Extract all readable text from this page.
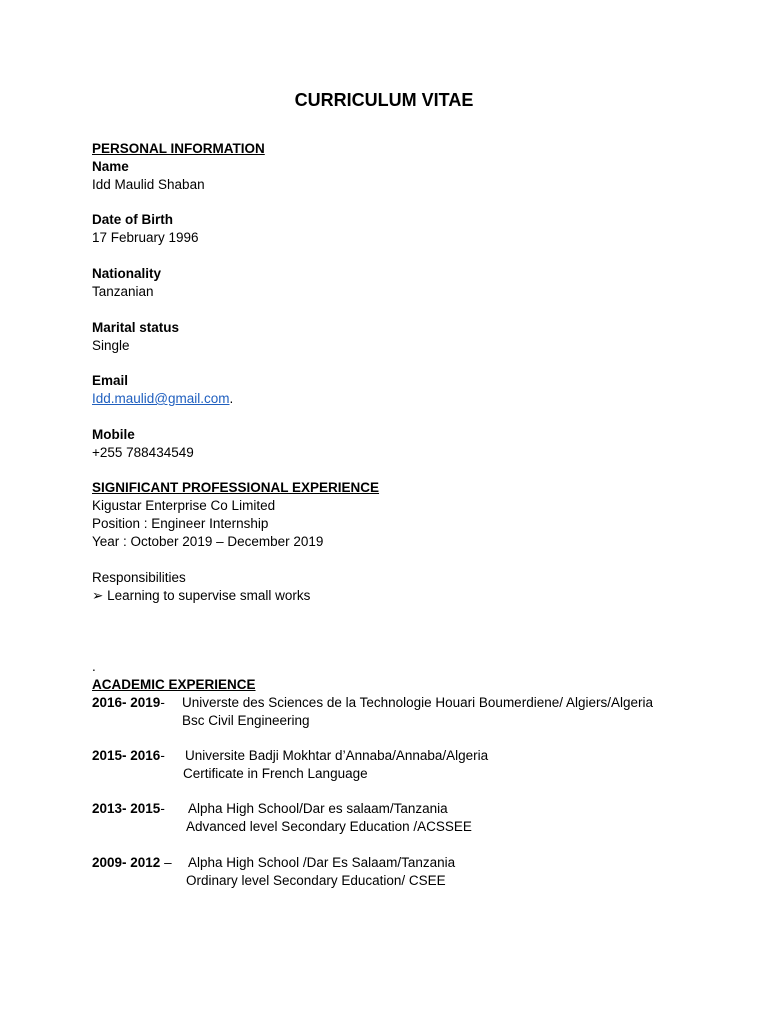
CURRICULUM VITAE
PERSONAL INFORMATION
Name
Idd Maulid Shaban
Date of Birth
17 February 1996
Nationality
Tanzanian
Marital status
Single
Email
Idd.maulid@gmail.com.
Mobile
+255 788434549
SIGNIFICANT PROFESSIONAL EXPERIENCE
Kigustar Enterprise Co Limited
Position : Engineer Internship
Year : October 2019 – December 2019
Responsibilities
➢ Learning to supervise small works
.
ACADEMIC EXPERIENCE
2016- 2019- Universte des Sciences de la Technologie Houari Boumerdiene/ Algiers/Algeria
Bsc Civil Engineering
2015- 2016- Universite Badji Mokhtar d’Annaba/Annaba/Algeria
Certificate in French Language
2013- 2015- Alpha High School/Dar es salaam/Tanzania
Advanced level Secondary Education /ACSSEE
2009- 2012 – Alpha High School /Dar Es Salaam/Tanzania
Ordinary level Secondary Education/ CSEE
